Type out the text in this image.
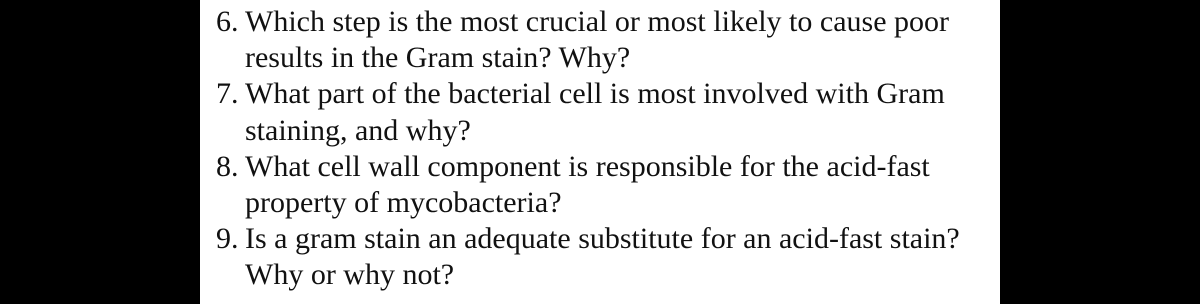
6. Which step is the most crucial or most likely to cause poor
results in the Gram stain? Why?
7. What part of the bacterial cell is most involved with Gram
staining, and why?
8. What cell wall component is responsible for the acid-fast
property of mycobacteria?
9. Is a gram stain an adequate substitute for an acid-fast stain?
Why or why not?
